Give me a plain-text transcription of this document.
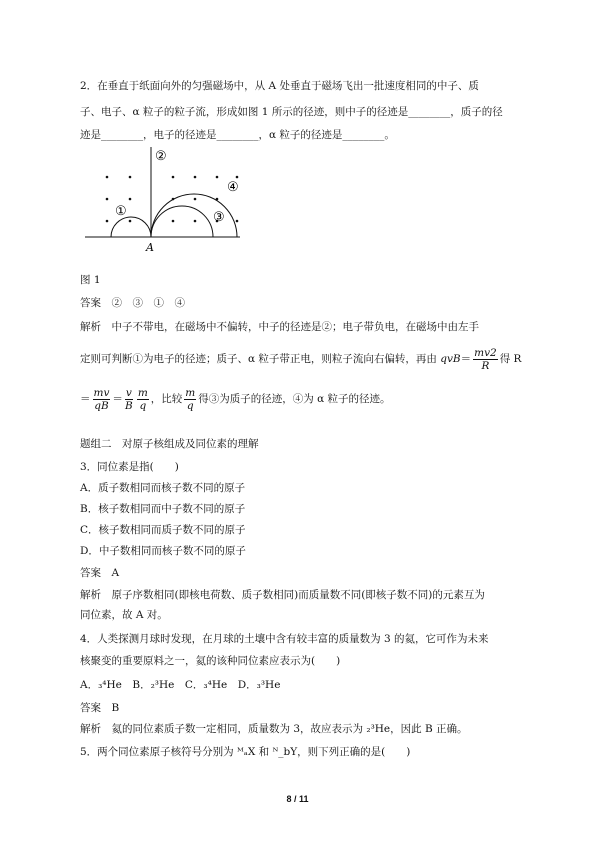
2．在垂直于纸面向外的匀强磁场中，从 A 处垂直于磁场飞出一批速度相同的中子、质
子、电子、α 粒子的粒子流，形成如图 1 所示的径迹，则中子的径迹是________，质子的径
迹是________，电子的径迹是________，α 粒子的径迹是________。
①
②
③
④
A
图 1
答案　②　③　①　④
解析　中子不带电，在磁场中不偏转，中子的径迹是②；电子带负电，在磁场中由左手
定则可判断①为电子的径迹；质子、α 粒子带正电，则粒子流向右偏转，再由 $qvB= \frac{mv2}{R}$ 得 R
＝ $\frac{mv}{qB} = \frac{v}{B} \frac{m}{q}$ ，比较 $\frac{m}{q}$ 得③为质子的径迹，④为 α 粒子的径迹。
题组二　对原子核组成及同位素的理解
3．同位素是指(　　)
A．质子数相同而核子数不同的原子
B．核子数相同而中子数不同的原子
C．核子数相同而质子数不同的原子
D．中子数相同而核子数不同的原子
答案　A
解析　原子序数相同(即核电荷数、质子数相同)而质量数不同(即核子数不同)的元素互为
同位素，故 A 对。
4．人类探测月球时发现，在月球的土壤中含有较丰富的质量数为 3 的氦，它可作为未来
核聚变的重要原料之一，氦的该种同位素应表示为(　　)
A．₃⁴He　B．₂³He　C．₃⁴He　D．₃³He
答案　B
解析　氦的同位素质子数一定相同，质量数为 3，故应表示为 ₂³He，因此 B 正确。
5．两个同位素原子核符号分别为 ᴹₐX 和 ᴺ_bY，则下列正确的是(　　)
8 / 11
